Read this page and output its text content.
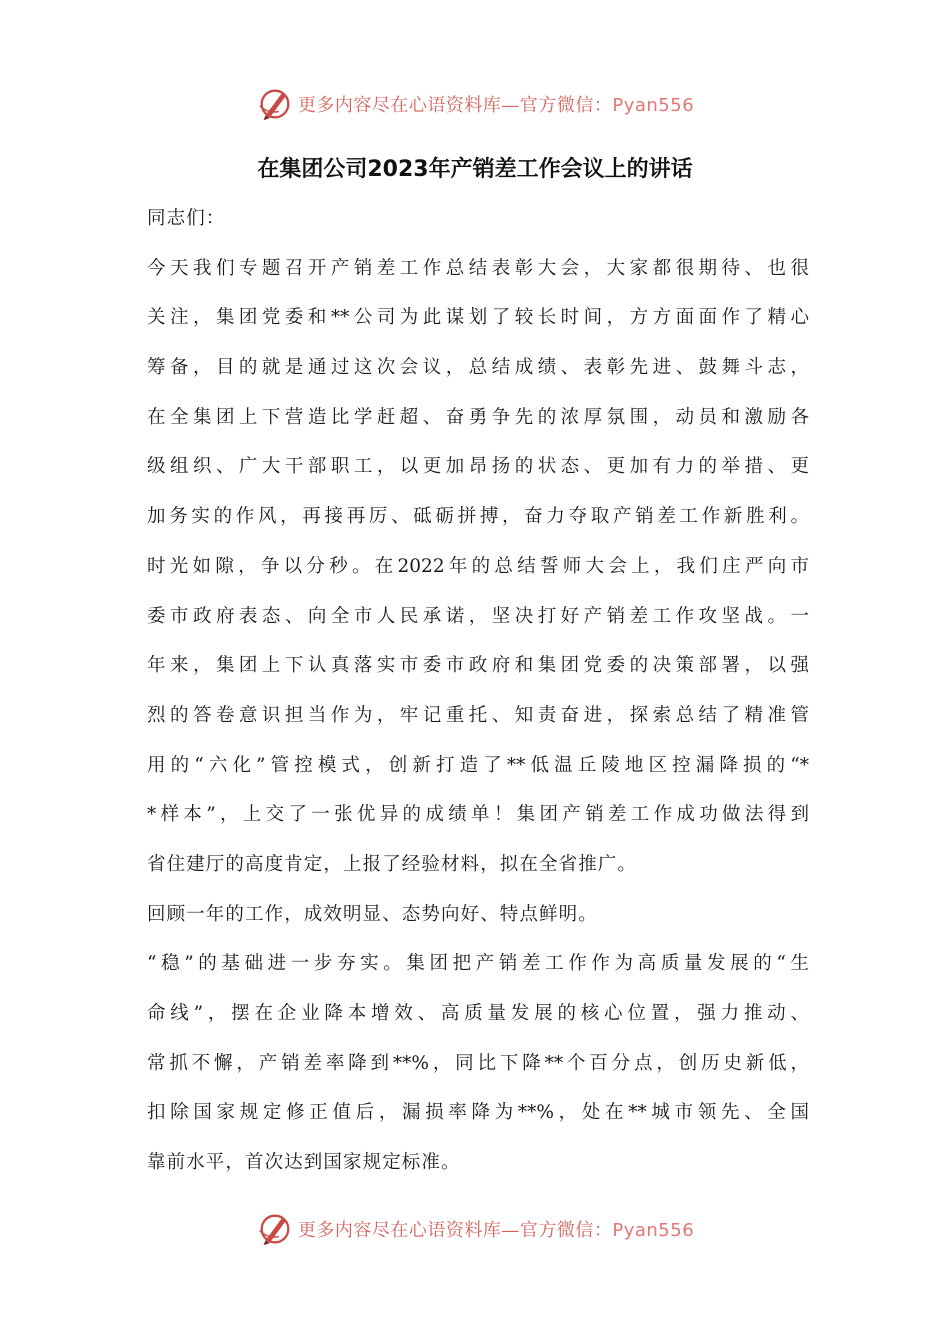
更多内容尽在心语资料库—官方微信：Pyan556
在集团公司2023年产销差工作会议上的讲话
同志们：
今天我们专题召开产销差工作总结表彰大会，大家都很期待、也很
关注，集团党委和**公司为此谋划了较长时间，方方面面作了精心
筹备，目的就是通过这次会议，总结成绩、表彰先进、鼓舞斗志，
在全集团上下营造比学赶超、奋勇争先的浓厚氛围，动员和激励各
级组织、广大干部职工，以更加昂扬的状态、更加有力的举措、更
加务实的作风，再接再厉、砥砺拼搏，奋力夺取产销差工作新胜利。
时光如隙，争以分秒。在2022年的总结誓师大会上，我们庄严向市
委市政府表态、向全市人民承诺，坚决打好产销差工作攻坚战。一
年来，集团上下认真落实市委市政府和集团党委的决策部署，以强
烈的答卷意识担当作为，牢记重托、知责奋进，探索总结了精准管
用的“六化”管控模式，创新打造了**低温丘陵地区控漏降损的“*
*样本”，上交了一张优异的成绩单！集团产销差工作成功做法得到
省住建厅的高度肯定，上报了经验材料，拟在全省推广。
回顾一年的工作，成效明显、态势向好、特点鲜明。
“稳”的基础进一步夯实。集团把产销差工作作为高质量发展的“生
命线”，摆在企业降本增效、高质量发展的核心位置，强力推动、
常抓不懈，产销差率降到**%，同比下降**个百分点，创历史新低，
扣除国家规定修正值后，漏损率降为**%，处在**城市领先、全国
靠前水平，首次达到国家规定标准。
更多内容尽在心语资料库—官方微信：Pyan556
